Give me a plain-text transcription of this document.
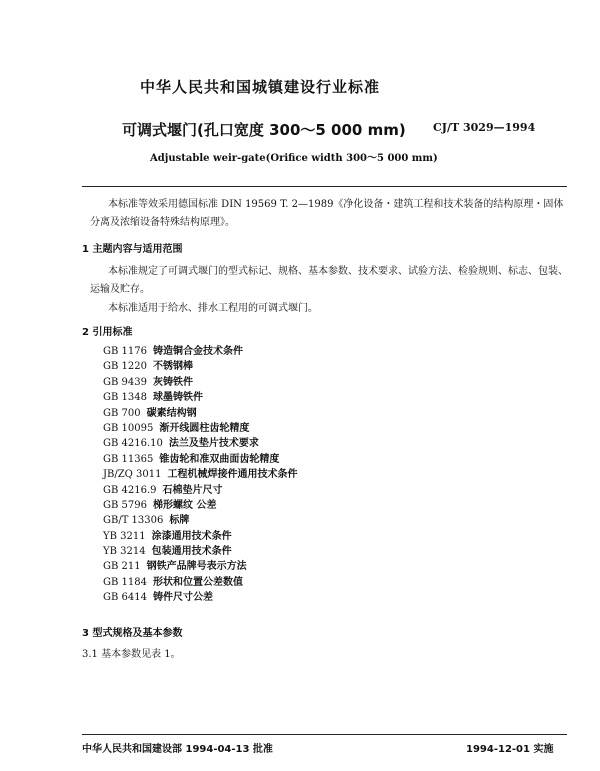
中华人民共和国城镇建设行业标准
可调式堰门(孔口宽度 300～5 000 mm) CJ/T 3029—1994
Adjustable weir-gate(Orifice width 300～5 000 mm)
本标准等效采用德国标准 DIN 19569 T. 2—1989《净化设备・建筑工程和技术装备的结构原理・固体分离及浓缩设备特殊结构原理》。
1 主题内容与适用范围
本标准规定了可调式堰门的型式标记、规格、基本参数、技术要求、试验方法、检验规则、标志、包装、运输及贮存。
本标准适用于给水、排水工程用的可调式堰门。
2 引用标准
GB 1176 铸造铜合金技术条件
GB 1220 不锈钢棒
GB 9439 灰铸铁件
GB 1348 球墨铸铁件
GB 700 碳素结构钢
GB 10095 渐开线圆柱齿轮精度
GB 4216.10 法兰及垫片技术要求
GB 11365 锥齿轮和准双曲面齿轮精度
JB/ZQ 3011 工程机械焊接件通用技术条件
GB 4216.9 石棉垫片尺寸
GB 5796 梯形螺纹 公差
GB/T 13306 标牌
YB 3211 涂漆通用技术条件
YB 3214 包装通用技术条件
GB 211 钢铁产品牌号表示方法
GB 1184 形状和位置公差数值
GB 6414 铸件尺寸公差
3 型式规格及基本参数
3.1 基本参数见表 1。
中华人民共和国建设部 1994-04-13 批准	1994-12-01 实施
